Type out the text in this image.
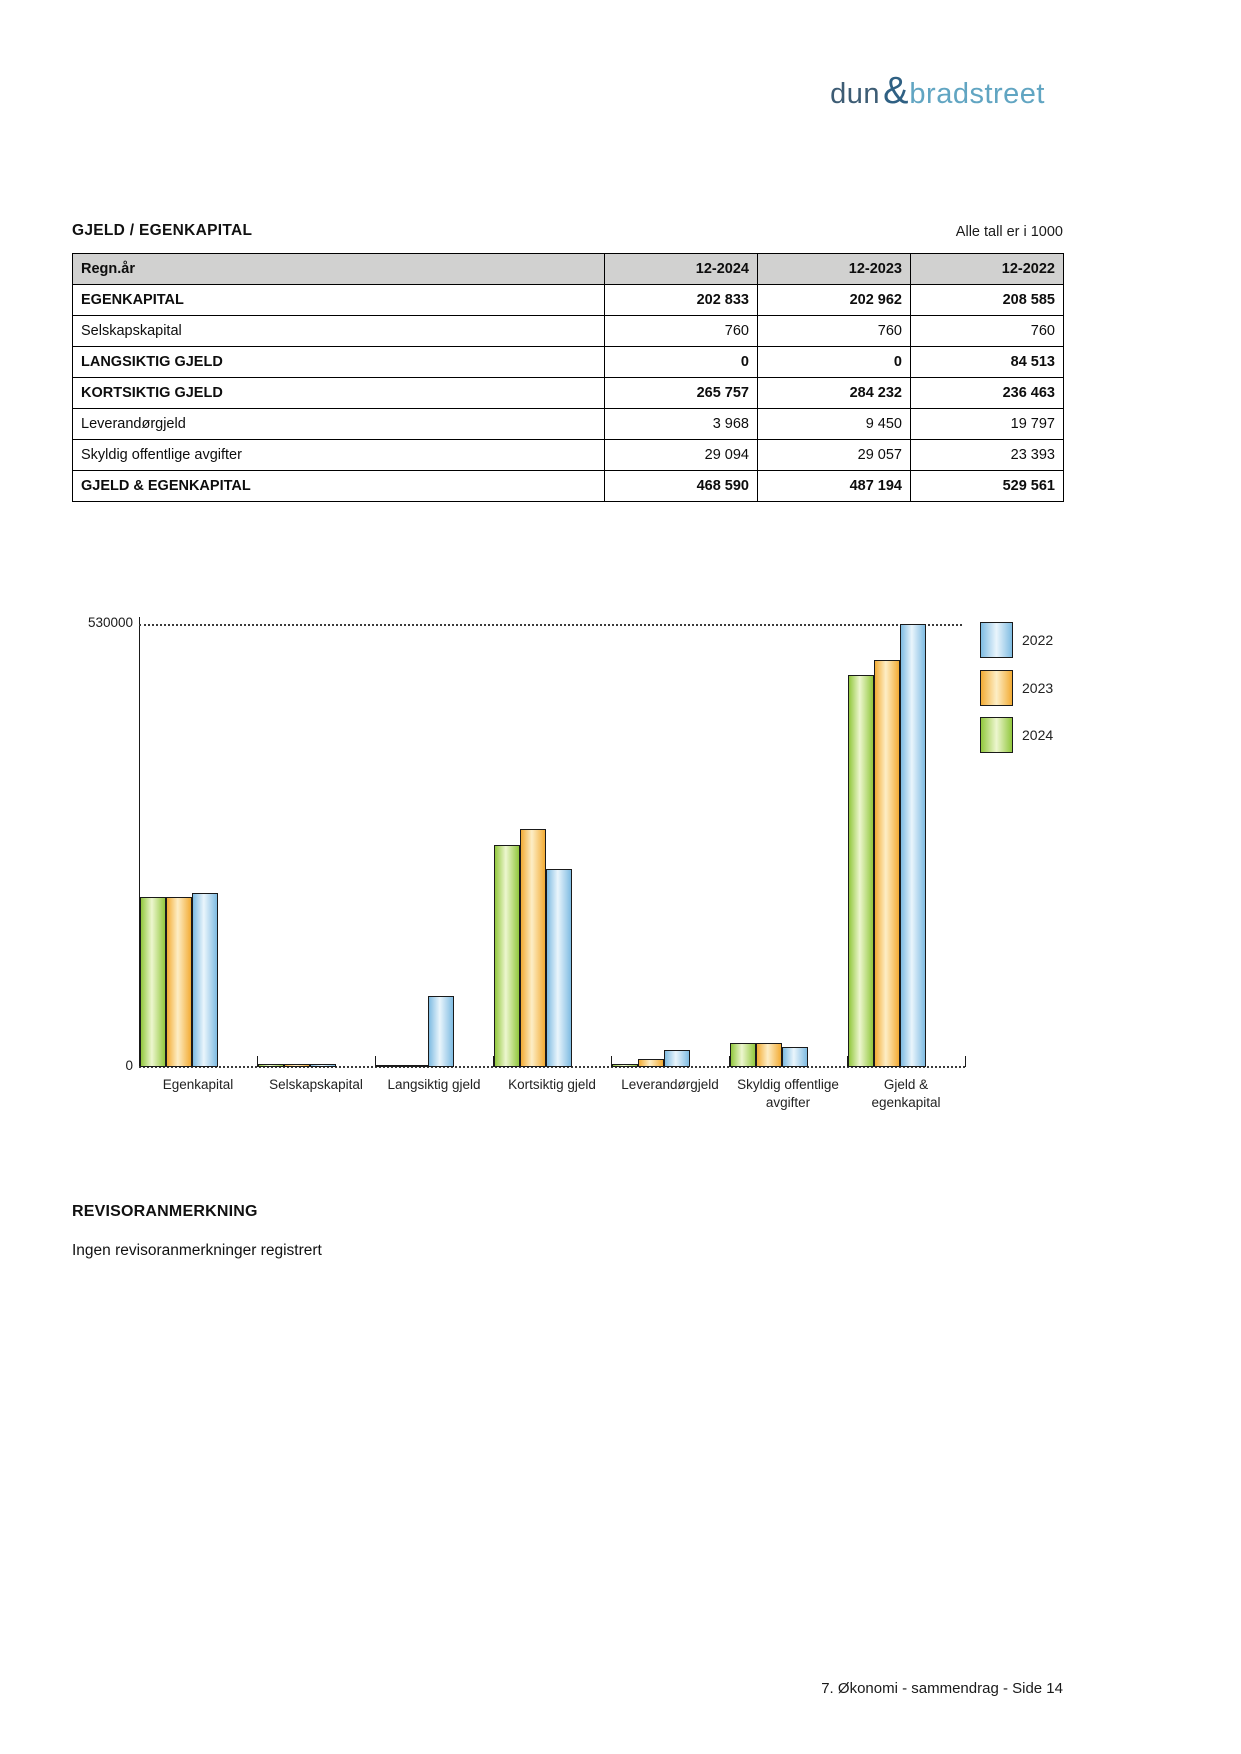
dun & bradstreet
GJELD / EGENKAPITAL	Alle tall er i 1000
Regn.år	12-2024	12-2023	12-2022
EGENKAPITAL	202 833	202 962	208 585
Selskapskapital	760	760	760
LANGSIKTIG GJELD	0	0	84 513
KORTSIKTIG GJELD	265 757	284 232	236 463
Leverandørgjeld	3 968	9 450	19 797
Skyldig offentlige avgifter	29 094	29 057	23 393
GJELD & EGENKAPITAL	468 590	487 194	529 561
0
530000
Egenkapital	Selskapskapital	Langsiktig gjeld	Kortsiktig gjeld	Leverandørgjeld	Skyldig offentlige
avgifter
Gjeld &
egenkapital
2022
2023
2024
REVISORANMERKNING
Ingen revisoranmerkninger registrert
7. Økonomi - sammendrag - Side 14
